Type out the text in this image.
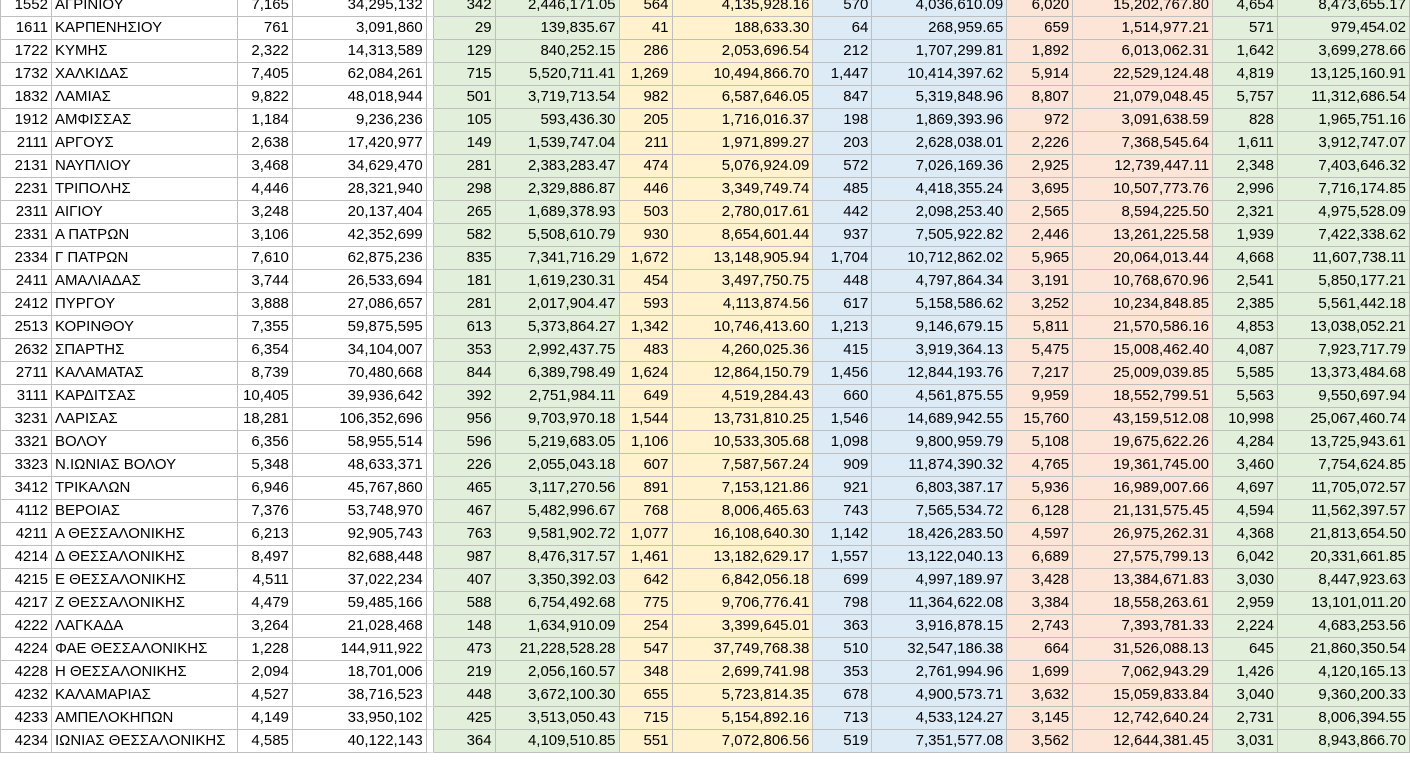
1552	ΑΓΡΙΝΙΟΥ	7,165	34,295,132		342	2,446,171.05	564	4,135,928.16	570	4,036,610.09	6,020	15,202,767.80	4,654	8,473,655.17
1611	ΚΑΡΠΕΝΗΣΙΟΥ	761	3,091,860		29	139,835.67	41	188,633.30	64	268,959.65	659	1,514,977.21	571	979,454.02
1722	ΚΥΜΗΣ	2,322	14,313,589		129	840,252.15	286	2,053,696.54	212	1,707,299.81	1,892	6,013,062.31	1,642	3,699,278.66
1732	ΧΑΛΚΙΔΑΣ	7,405	62,084,261		715	5,520,711.41	1,269	10,494,866.70	1,447	10,414,397.62	5,914	22,529,124.48	4,819	13,125,160.91
1832	ΛΑΜΙΑΣ	9,822	48,018,944		501	3,719,713.54	982	6,587,646.05	847	5,319,848.96	8,807	21,079,048.45	5,757	11,312,686.54
1912	ΑΜΦΙΣΣΑΣ	1,184	9,236,236		105	593,436.30	205	1,716,016.37	198	1,869,393.96	972	3,091,638.59	828	1,965,751.16
2111	ΑΡΓΟΥΣ	2,638	17,420,977		149	1,539,747.04	211	1,971,899.27	203	2,628,038.01	2,226	7,368,545.64	1,611	3,912,747.07
2131	ΝΑΥΠΛΙΟΥ	3,468	34,629,470		281	2,383,283.47	474	5,076,924.09	572	7,026,169.36	2,925	12,739,447.11	2,348	7,403,646.32
2231	ΤΡΙΠΟΛΗΣ	4,446	28,321,940		298	2,329,886.87	446	3,349,749.74	485	4,418,355.24	3,695	10,507,773.76	2,996	7,716,174.85
2311	ΑΙΓΙΟΥ	3,248	20,137,404		265	1,689,378.93	503	2,780,017.61	442	2,098,253.40	2,565	8,594,225.50	2,321	4,975,528.09
2331	Α ΠΑΤΡΩΝ	3,106	42,352,699		582	5,508,610.79	930	8,654,601.44	937	7,505,922.82	2,446	13,261,225.58	1,939	7,422,338.62
2334	Γ ΠΑΤΡΩΝ	7,610	62,875,236		835	7,341,716.29	1,672	13,148,905.94	1,704	10,712,862.02	5,965	20,064,013.44	4,668	11,607,738.11
2411	ΑΜΑΛΙΑΔΑΣ	3,744	26,533,694		181	1,619,230.31	454	3,497,750.75	448	4,797,864.34	3,191	10,768,670.96	2,541	5,850,177.21
2412	ΠΥΡΓΟΥ	3,888	27,086,657		281	2,017,904.47	593	4,113,874.56	617	5,158,586.62	3,252	10,234,848.85	2,385	5,561,442.18
2513	ΚΟΡΙΝΘΟΥ	7,355	59,875,595		613	5,373,864.27	1,342	10,746,413.60	1,213	9,146,679.15	5,811	21,570,586.16	4,853	13,038,052.21
2632	ΣΠΑΡΤΗΣ	6,354	34,104,007		353	2,992,437.75	483	4,260,025.36	415	3,919,364.13	5,475	15,008,462.40	4,087	7,923,717.79
2711	ΚΑΛΑΜΑΤΑΣ	8,739	70,480,668		844	6,389,798.49	1,624	12,864,150.79	1,456	12,844,193.76	7,217	25,009,039.85	5,585	13,373,484.68
3111	ΚΑΡΔΙΤΣΑΣ	10,405	39,936,642		392	2,751,984.11	649	4,519,284.43	660	4,561,875.55	9,959	18,552,799.51	5,563	9,550,697.94
3231	ΛΑΡΙΣΑΣ	18,281	106,352,696		956	9,703,970.18	1,544	13,731,810.25	1,546	14,689,942.55	15,760	43,159,512.08	10,998	25,067,460.74
3321	ΒΟΛΟΥ	6,356	58,955,514		596	5,219,683.05	1,106	10,533,305.68	1,098	9,800,959.79	5,108	19,675,622.26	4,284	13,725,943.61
3323	Ν.ΙΩΝΙΑΣ ΒΟΛΟΥ	5,348	48,633,371		226	2,055,043.18	607	7,587,567.24	909	11,874,390.32	4,765	19,361,745.00	3,460	7,754,624.85
3412	ΤΡΙΚΑΛΩΝ	6,946	45,767,860		465	3,117,270.56	891	7,153,121.86	921	6,803,387.17	5,936	16,989,007.66	4,697	11,705,072.57
4112	ΒΕΡΟΙΑΣ	7,376	53,748,970		467	5,482,996.67	768	8,006,465.63	743	7,565,534.72	6,128	21,131,575.45	4,594	11,562,397.57
4211	Α ΘΕΣΣΑΛΟΝΙΚΗΣ	6,213	92,905,743		763	9,581,902.72	1,077	16,108,640.30	1,142	18,426,283.50	4,597	26,975,262.31	4,368	21,813,654.50
4214	Δ ΘΕΣΣΑΛΟΝΙΚΗΣ	8,497	82,688,448		987	8,476,317.57	1,461	13,182,629.17	1,557	13,122,040.13	6,689	27,575,799.13	6,042	20,331,661.85
4215	Ε ΘΕΣΣΑΛΟΝΙΚΗΣ	4,511	37,022,234		407	3,350,392.03	642	6,842,056.18	699	4,997,189.97	3,428	13,384,671.83	3,030	8,447,923.63
4217	Ζ ΘΕΣΣΑΛΟΝΙΚΗΣ	4,479	59,485,166		588	6,754,492.68	775	9,706,776.41	798	11,364,622.08	3,384	18,558,263.61	2,959	13,101,011.20
4222	ΛΑΓΚΑΔΑ	3,264	21,028,468		148	1,634,910.09	254	3,399,645.01	363	3,916,878.15	2,743	7,393,781.33	2,224	4,683,253.56
4224	ΦΑΕ ΘΕΣΣΑΛΟΝΙΚΗΣ	1,228	144,911,922		473	21,228,528.28	547	37,749,768.38	510	32,547,186.38	664	31,526,088.13	645	21,860,350.54
4228	Η ΘΕΣΣΑΛΟΝΙΚΗΣ	2,094	18,701,006		219	2,056,160.57	348	2,699,741.98	353	2,761,994.96	1,699	7,062,943.29	1,426	4,120,165.13
4232	ΚΑΛΑΜΑΡΙΑΣ	4,527	38,716,523		448	3,672,100.30	655	5,723,814.35	678	4,900,573.71	3,632	15,059,833.84	3,040	9,360,200.33
4233	ΑΜΠΕΛΟΚΗΠΩΝ	4,149	33,950,102		425	3,513,050.43	715	5,154,892.16	713	4,533,124.27	3,145	12,742,640.24	2,731	8,006,394.55
4234	ΙΩΝΙΑΣ ΘΕΣΣΑΛΟΝΙΚΗΣ	4,585	40,122,143		364	4,109,510.85	551	7,072,806.56	519	7,351,577.08	3,562	12,644,381.45	3,031	8,943,866.70
